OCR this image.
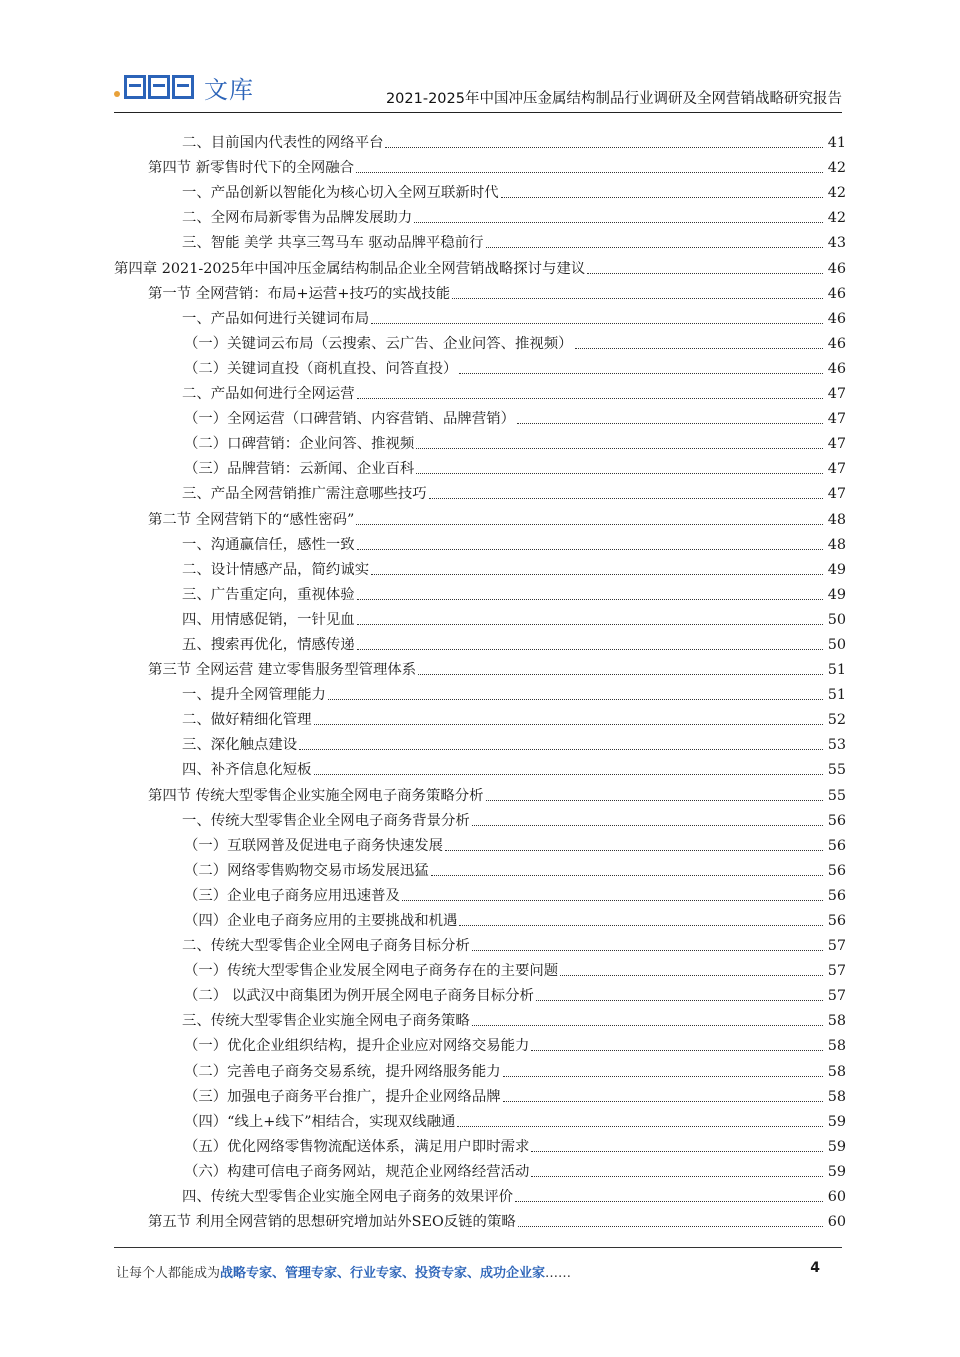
文库	2021-2025年中国冲压金属结构制品行业调研及全网营销战略研究报告
二、目前国内代表性的网络平台	41
第四节 新零售时代下的全网融合	42
一、产品创新以智能化为核心切入全网互联新时代	42
二、全网布局新零售为品牌发展助力	42
三、智能 美学 共享三驾马车 驱动品牌平稳前行	43
第四章 2021-2025年中国冲压金属结构制品企业全网营销战略探讨与建议	46
第一节 全网营销：布局+运营+技巧的实战技能	46
一、产品如何进行关键词布局	46
（一）关键词云布局（云搜索、云广告、企业问答、推视频）	46
（二）关键词直投（商机直投、问答直投）	46
二、产品如何进行全网运营	47
（一）全网运营（口碑营销、内容营销、品牌营销）	47
（二）口碑营销：企业问答、推视频	47
（三）品牌营销：云新闻、企业百科	47
三、产品全网营销推广需注意哪些技巧	47
第二节 全网营销下的“感性密码”	48
一、沟通赢信任，感性一致	48
二、设计情感产品，简约诚实	49
三、广告重定向，重视体验	49
四、用情感促销，一针见血	50
五、搜索再优化，情感传递	50
第三节 全网运营 建立零售服务型管理体系	51
一、提升全网管理能力	51
二、做好精细化管理	52
三、深化触点建设	53
四、补齐信息化短板	55
第四节 传统大型零售企业实施全网电子商务策略分析	55
一、传统大型零售企业全网电子商务背景分析	56
（一）互联网普及促进电子商务快速发展	56
（二）网络零售购物交易市场发展迅猛	56
（三）企业电子商务应用迅速普及	56
（四）企业电子商务应用的主要挑战和机遇	56
二、传统大型零售企业全网电子商务目标分析	57
（一）传统大型零售企业发展全网电子商务存在的主要问题	57
（二） 以武汉中商集团为例开展全网电子商务目标分析	57
三、传统大型零售企业实施全网电子商务策略	58
（一）优化企业组织结构，提升企业应对网络交易能力	58
（二）完善电子商务交易系统，提升网络服务能力	58
（三）加强电子商务平台推广，提升企业网络品牌	58
（四）“线上+线下”相结合，实现双线融通	59
（五）优化网络零售物流配送体系，满足用户即时需求	59
（六）构建可信电子商务网站，规范企业网络经营活动	59
四、传统大型零售企业实施全网电子商务的效果评价	60
第五节 利用全网营销的思想研究增加站外SEO反链的策略	60
让每个人都能成为战略专家、管理专家、行业专家、投资专家、成功企业家……	4
